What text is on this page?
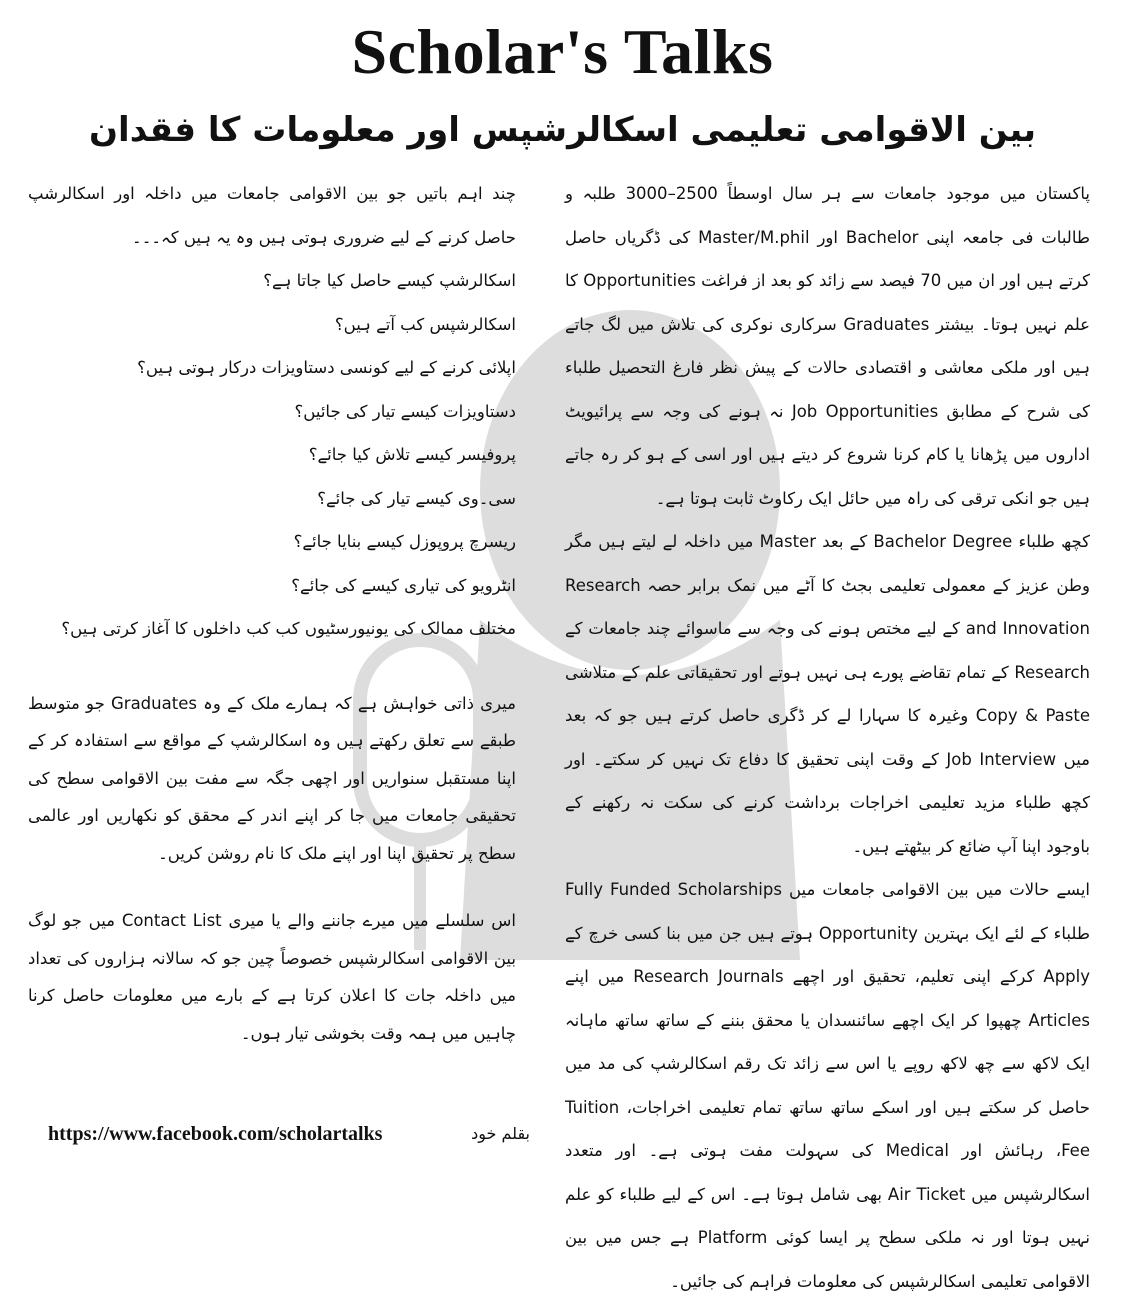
Scholar's Talks
بین الاقوامی تعلیمی اسکالرشپس اور معلومات کا فقدان

پاکستان میں موجود جامعات سے ہر سال اوسطاً 2500–3000 طلبہ و طالبات فی جامعہ اپنی Bachelor اور Master/M.phil کی ڈگریاں حاصل کرتے ہیں اور ان میں 70 فیصد سے زائد کو بعد از فراغت Opportunities کا علم نہیں ہوتا۔ بیشتر Graduates سرکاری نوکری کی تلاش میں لگ جاتے ہیں اور ملکی معاشی و اقتصادی حالات کے پیش نظر فارغ التحصیل طلباء کی شرح کے مطابق Job Opportunities نہ ہونے کی وجہ سے پرائیویٹ اداروں میں پڑھانا یا کام کرنا شروع کر دیتے ہیں اور اسی کے ہو کر رہ جاتے ہیں جو انکی ترقی کی راہ میں حائل ایک رکاوٹ ثابت ہوتا ہے۔

کچھ طلباء Bachelor Degree کے بعد Master میں داخلہ لے لیتے ہیں مگر وطن عزیز کے معمولی تعلیمی بجٹ کا آٹے میں نمک برابر حصہ Research and Innovation کے لیے مختص ہونے کی وجہ سے ماسوائے چند جامعات کے Research کے تمام تقاضے پورے ہی نہیں ہوتے اور تحقیقاتی علم کے متلاشی Copy & Paste وغیرہ کا سہارا لے کر ڈگری حاصل کرتے ہیں جو کہ بعد میں Job Interview کے وقت اپنی تحقیق کا دفاع تک نہیں کر سکتے۔ اور کچھ طلباء مزید تعلیمی اخراجات برداشت کرنے کی سکت نہ رکھنے کے باوجود اپنا آپ ضائع کر بیٹھتے ہیں۔

ایسے حالات میں بین الاقوامی جامعات میں Fully Funded Scholarships طلباء کے لئے ایک بہترین Opportunity ہوتے ہیں جن میں بنا کسی خرچ کے Apply کرکے اپنی تعلیم، تحقیق اور اچھے Research Journals میں اپنے Articles چھپوا کر ایک اچھے سائنسدان یا محقق بننے کے ساتھ ساتھ ماہانہ ایک لاکھ سے چھ لاکھ روپے یا اس سے زائد تک رقم اسکالرشپ کی مد میں حاصل کر سکتے ہیں اور اسکے ساتھ ساتھ تمام تعلیمی اخراجات، Tuition Fee، رہائش اور Medical کی سہولت مفت ہوتی ہے۔ اور متعدد اسکالرشپس میں Air Ticket بھی شامل ہوتا ہے۔ اس کے لیے طلباء کو علم نہیں ہوتا اور نہ ملکی سطح پر ایسا کوئی Platform ہے جس میں بین الاقوامی تعلیمی اسکالرشپس کی معلومات فراہم کی جائیں۔

چند اہم باتیں جو بین الاقوامی جامعات میں داخلہ اور اسکالرشپ حاصل کرنے کے لیے ضروری ہوتی ہیں وہ یہ ہیں کہ۔۔۔

اسکالرشپ کیسے حاصل کیا جاتا ہے؟
اسکالرشپس کب آتے ہیں؟
اپلائی کرنے کے لیے کونسی دستاویزات درکار ہوتی ہیں؟
دستاویزات کیسے تیار کی جائیں؟
پروفیسر کیسے تلاش کیا جائے؟
سی۔وی کیسے تیار کی جائے؟
ریسرچ پروپوزل کیسے بنایا جائے؟
انٹرویو کی تیاری کیسے کی جائے؟
مختلف ممالک کی یونیورسٹیوں کب کب داخلوں کا آغاز کرتی ہیں؟

میری ذاتی خواہش ہے کہ ہمارے ملک کے وہ Graduates جو متوسط طبقے سے تعلق رکھتے ہیں وہ اسکالرشپ کے مواقع سے استفادہ کر کے اپنا مستقبل سنواریں اور اچھی جگہ سے مفت بین الاقوامی سطح کی تحقیقی جامعات میں جا کر اپنے اندر کے محقق کو نکھاریں اور عالمی سطح پر تحقیق اپنا اور اپنے ملک کا نام روشن کریں۔

اس سلسلے میں میرے جاننے والے یا میری Contact List میں جو لوگ بین الاقوامی اسکالرشپس خصوصاً چین جو کہ سالانہ ہزاروں کی تعداد میں داخلہ جات کا اعلان کرتا ہے کے بارے میں معلومات حاصل کرنا چاہیں میں ہمہ وقت بخوشی تیار ہوں۔

بقلم خود
https://www.facebook.com/scholartalks
